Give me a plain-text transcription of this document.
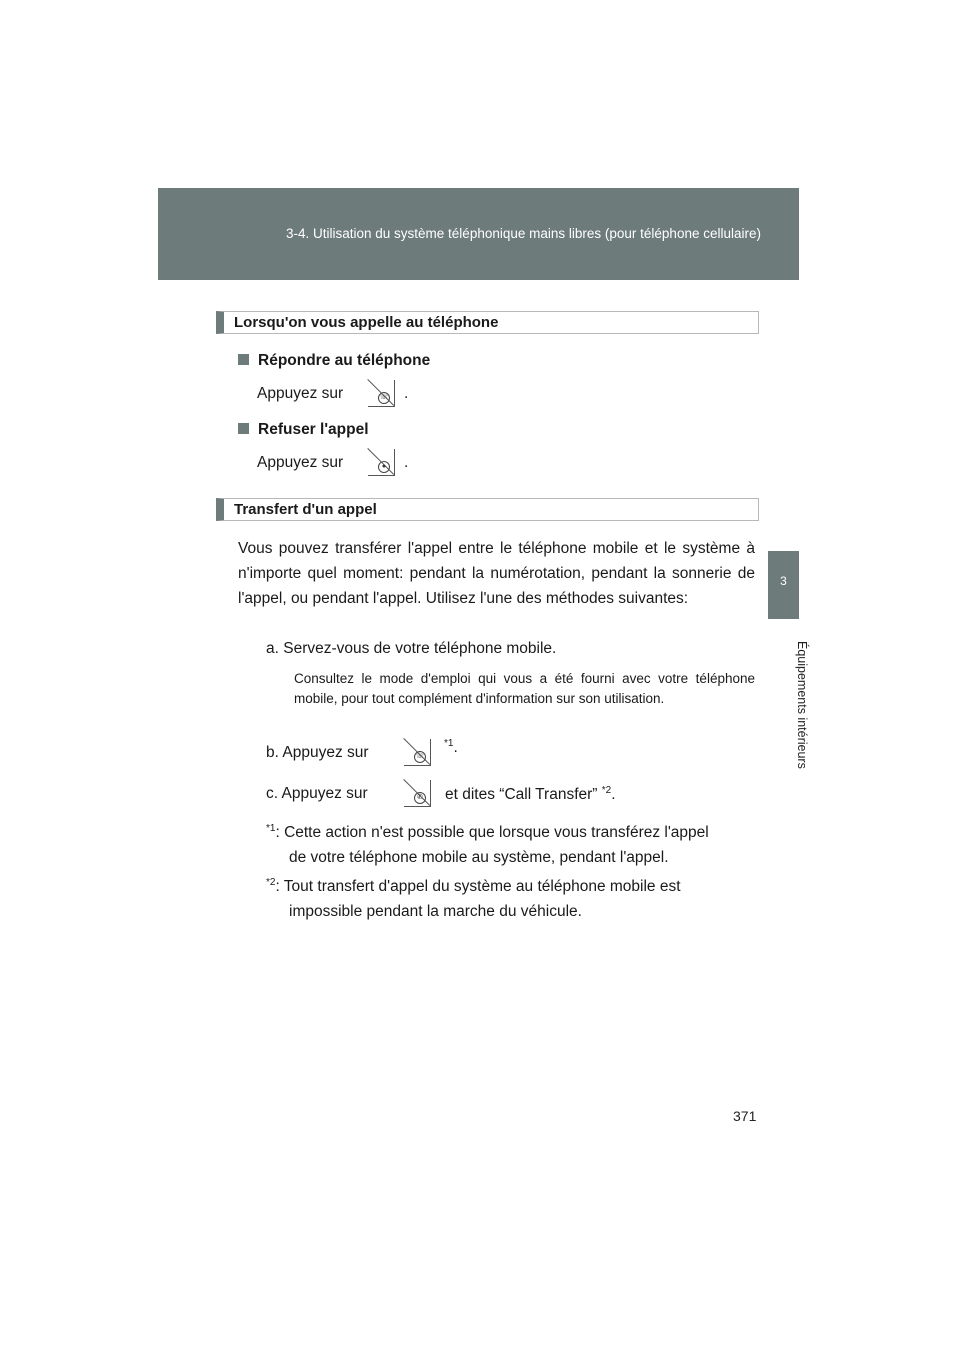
3-4. Utilisation du système téléphonique mains libres (pour téléphone cellulaire)
3
Équipements intérieurs
Lorsqu'on vous appelle au téléphone
Répondre au téléphone
Appuyez sur	☏ .
Refuser l'appel
Appuyez sur	● .
Transfert d'un appel
Vous pouvez transférer l'appel entre le téléphone mobile et le système à n'importe quel moment: pendant la numérotation, pendant la sonnerie de l'appel, ou pendant l'appel. Utilisez l'une des méthodes suivantes:
a. Servez-vous de votre téléphone mobile.
Consultez le mode d'emploi qui vous a été fourni avec votre téléphone mobile, pour tout complément d'information sur son utilisation.
b. Appuyez sur	☏
$^{*1}$.
c. Appuyez sur	✆ et dites “Call Transfer” $^{*2}$.
$^{*1}$: Cette action n'est possible que lorsque vous transférez l'appel
de votre téléphone mobile au système, pendant l'appel.
$^{*2}$: Tout transfert d'appel du système au téléphone mobile est
impossible pendant la marche du véhicule.
371
